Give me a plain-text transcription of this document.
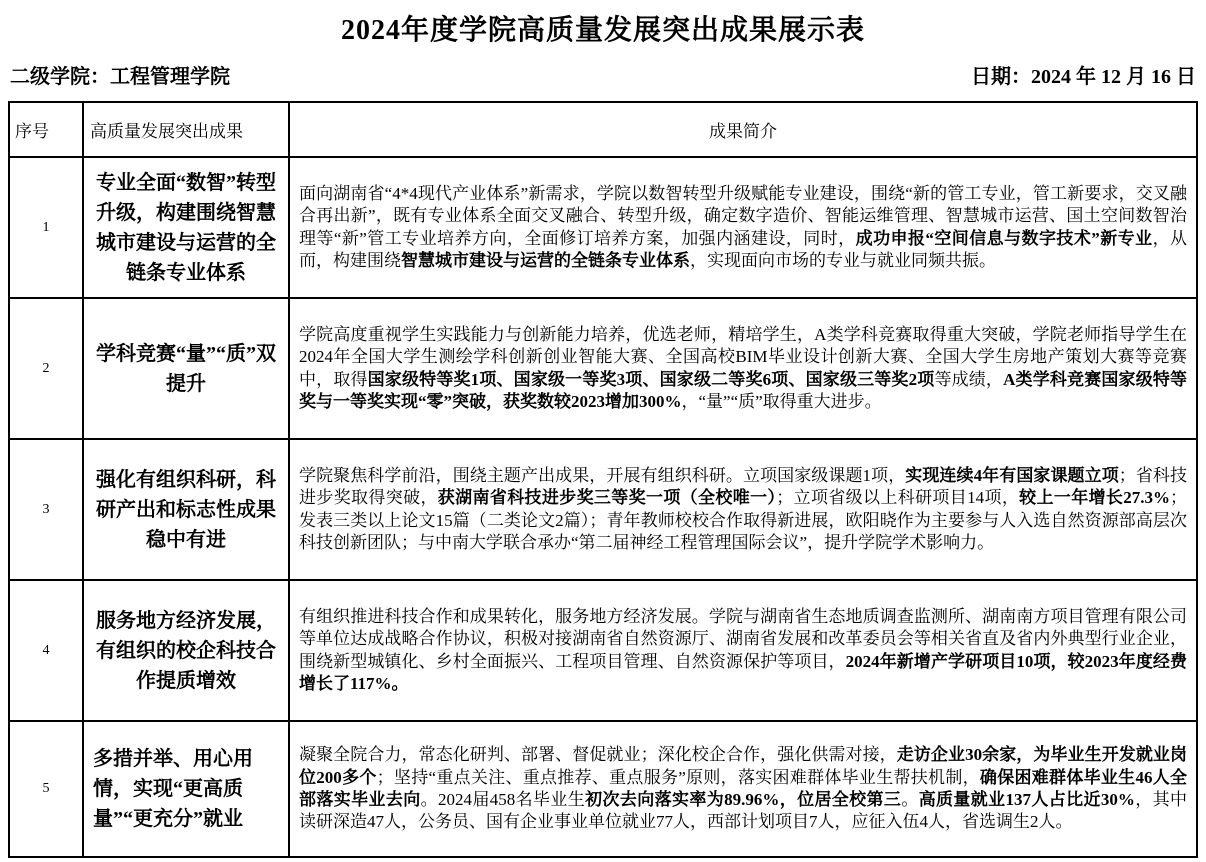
2024年度学院高质量发展突出成果展示表
二级学院：工程管理学院	日期：2024 年 12 月 16 日
序号	高质量发展突出成果	成果简介
1	专业全面“数智”转型升级，构建围绕智慧城市建设与运营的全链条专业体系	面向湖南省“4*4现代产业体系”新需求，学院以数智转型升级赋能专业建设，围绕“新的管工专业，管工新要求，交叉融合再出新”，既有专业体系全面交叉融合、转型升级，确定数字造价、智能运维管理、智慧城市运营、国土空间数智治理等“新”管工专业培养方向，全面修订培养方案，加强内涵建设，同时，成功申报“空间信息与数字技术”新专业，从而，构建围绕智慧城市建设与运营的全链条专业体系，实现面向市场的专业与就业同频共振。
2	学科竞赛“量”“质”双提升	学院高度重视学生实践能力与创新能力培养，优选老师，精培学生，A类学科竞赛取得重大突破，学院老师指导学生在2024年全国大学生测绘学科创新创业智能大赛、全国高校BIM毕业设计创新大赛、全国大学生房地产策划大赛等竞赛中，取得国家级特等奖1项、国家级一等奖3项、国家级二等奖6项、国家级三等奖2项等成绩，A类学科竞赛国家级特等奖与一等奖实现“零”突破，获奖数较2023增加300%，“量”“质”取得重大进步。
3	强化有组织科研，科研产出和标志性成果稳中有进	学院聚焦科学前沿，围绕主题产出成果，开展有组织科研。立项国家级课题1项，实现连续4年有国家课题立项；省科技进步奖取得突破，获湖南省科技进步奖三等奖一项（全校唯一）；立项省级以上科研项目14项，较上一年增长27.3%；发表三类以上论文15篇（二类论文2篇）；青年教师校校合作取得新进展，欧阳晓作为主要参与人入选自然资源部高层次科技创新团队；与中南大学联合承办“第二届神经工程管理国际会议”，提升学院学术影响力。
4	服务地方经济发展，有组织的校企科技合作提质增效	有组织推进科技合作和成果转化，服务地方经济发展。学院与湖南省生态地质调查监测所、湖南南方项目管理有限公司等单位达成战略合作协议，积极对接湖南省自然资源厅、湖南省发展和改革委员会等相关省直及省内外典型行业企业，围绕新型城镇化、乡村全面振兴、工程项目管理、自然资源保护等项目，2024年新增产学研项目10项，较2023年度经费增长了117%。
5	多措并举、用心用情，实现“更高质量”“更充分”就业	凝聚全院合力，常态化研判、部署、督促就业；深化校企合作，强化供需对接，走访企业30余家，为毕业生开发就业岗位200多个；坚持“重点关注、重点推荐、重点服务”原则，落实困难群体毕业生帮扶机制，确保困难群体毕业生46人全部落实毕业去向。2024届458名毕业生初次去向落实率为89.96%，位居全校第三。高质量就业137人占比近30%，其中读研深造47人，公务员、国有企业事业单位就业77人，西部计划项目7人，应征入伍4人，省选调生2人。
